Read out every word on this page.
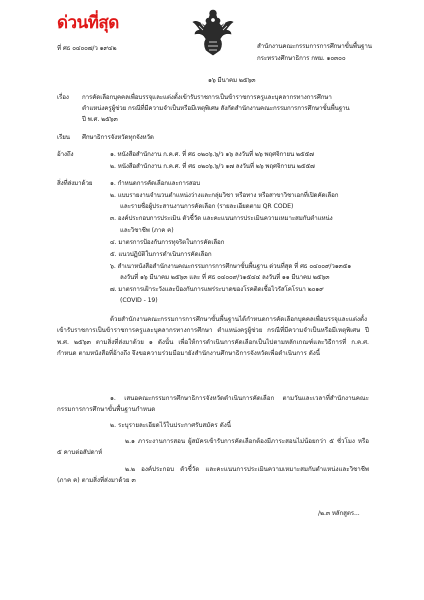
ด่วนที่สุด
ที่ ศธ ๐๔๐๐๗/ว ๑๙๔๒	สำนักงานคณะกรรมการการศึกษาขั้นพื้นฐาน
กระทรวงศึกษาธิการ กทม. ๑๐๓๐๐
๑๖ มีนาคม ๒๕๖๓
เรื่อง การคัดเลือกบุคคลเพื่อบรรจุและแต่งตั้งเข้ารับราชการเป็นข้าราชการครูและบุคลากรทางการศึกษา
ตำแหน่งครูผู้ช่วย กรณีที่มีความจำเป็นหรือมีเหตุพิเศษ สังกัดสำนักงานคณะกรรมการการศึกษาขั้นพื้นฐาน
ปี พ.ศ. ๒๕๖๓
เรียน ศึกษาธิการจังหวัดทุกจังหวัด
อ้างถึง	๑. หนังสือสำนักงาน ก.ค.ศ. ที่ ศธ ๐๒๐๖.๖/ว ๑๖ ลงวันที่ ๒๖ พฤศจิกายน ๒๕๕๗
๒. หนังสือสำนักงาน ก.ค.ศ. ที่ ศธ ๐๒๐๖.๖/ว ๑๗ ลงวันที่ ๒๖ พฤศจิกายน ๒๕๕๗
สิ่งที่ส่งมาด้วย	๑. กำหนดการคัดเลือกและการสอบ
๒. แบบรายงานจำนวนตำแหน่งว่างและกลุ่มวิชา หรือทาง หรือสาขาวิชาเอกที่เปิดคัดเลือก
และรายชื่อผู้ประสานงานการคัดเลือก (รายละเอียดตาม QR CODE)
๓. องค์ประกอบการประเมิน ตัวชี้วัด และคะแนนการประเมินความเหมาะสมกับตำแหน่ง
และวิชาชีพ (ภาค ค)
๔. มาตรการป้องกันการทุจริตในการคัดเลือก
๕. แนวปฏิบัติในการดำเนินการคัดเลือก
๖. สำเนาหนังสือสำนักงานคณะกรรมการการศึกษาขั้นพื้นฐาน ด่วนที่สุด ที่ ศธ ๐๔๐๐๙/ว๑๓๕๑
ลงวันที่ ๑๖ มีนาคม ๒๕๖๓ และ ที่ ศธ ๐๔๐๐๙/ว๑๕๔๔ ลงวันที่ ๑๑ มีนาคม ๒๕๖๓
๗. มาตรการเฝ้าระวังและป้องกันการแพร่ระบาดของโรคติดเชื้อไวรัสโคโรนา ๒๐๑๙
(COVID - 19)
ด้วยสำนักงานคณะกรรมการการศึกษาขั้นพื้นฐานได้กำหนดการคัดเลือกบุคคลเพื่อบรรจุและแต่งตั้งเข้ารับราชการเป็นข้าราชการครูและบุคลากรทางการศึกษา ตำแหน่งครูผู้ช่วย กรณีที่มีความจำเป็นหรือมีเหตุพิเศษ ปี พ.ศ. ๒๕๖๓ ตามสิ่งที่ส่งมาด้วย ๑ ดังนั้น เพื่อให้การดำเนินการคัดเลือกเป็นไปตามหลักเกณฑ์และวิธีการที่ ก.ค.ศ. กำหนด ตามหนังสือที่อ้างถึง จึงขอความร่วมมือมายังสำนักงานศึกษาธิการจังหวัดเพื่อดำเนินการ ดังนี้
๑. เสนอคณะกรรมการศึกษาธิการจังหวัดดำเนินการคัดเลือก ตามวันและเวลาที่สำนักงานคณะกรรมการการศึกษาขั้นพื้นฐานกำหนด
๒. ระบุรายละเอียดไว้ในประกาศรับสมัคร ดังนี้
๒.๑ ภาระงานการสอน ผู้สมัครเข้ารับการคัดเลือกต้องมีภาระสอนไม่น้อยกว่า ๕ ชั่วโมง หรือ ๕ คาบต่อสัปดาห์
๒.๒ องค์ประกอบ ตัวชี้วัด และคะแนนการประเมินความเหมาะสมกับตำแหน่งและวิชาชีพ (ภาค ค) ตามสิ่งที่ส่งมาด้วย ๓
/๒.๓ หลักสูตร...
